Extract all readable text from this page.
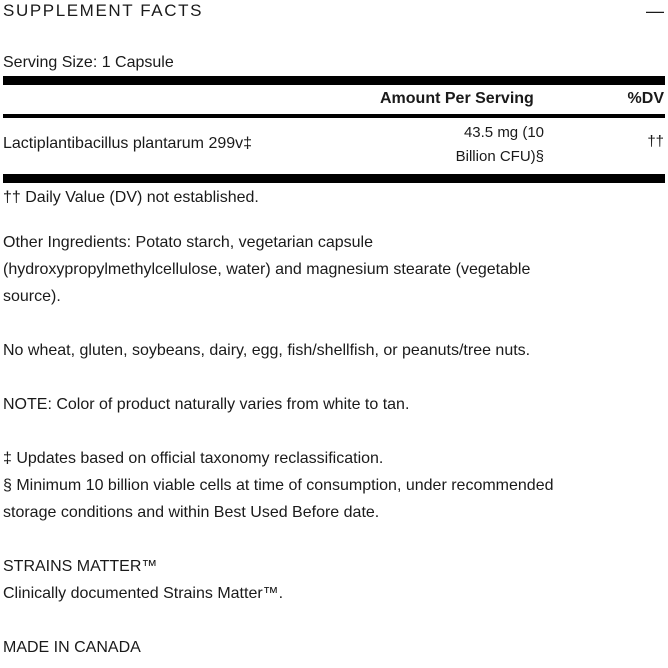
SUPPLEMENT FACTS	—
Serving Size: 1 Capsule
Amount Per Serving	%DV
Lactiplantibacillus plantarum 299v‡
43.5 mg (10
Billion CFU)§
††
†† Daily Value (DV) not established.
Other Ingredients: Potato starch, vegetarian capsule
(hydroxypropylmethylcellulose, water) and magnesium stearate (vegetable
source).
No wheat, gluten, soybeans, dairy, egg, fish/shellfish, or peanuts/tree nuts.
NOTE: Color of product naturally varies from white to tan.
‡ Updates based on official taxonomy reclassification.
§ Minimum 10 billion viable cells at time of consumption, under recommended
storage conditions and within Best Used Before date.
STRAINS MATTER™
Clinically documented Strains Matter™.
MADE IN CANADA
